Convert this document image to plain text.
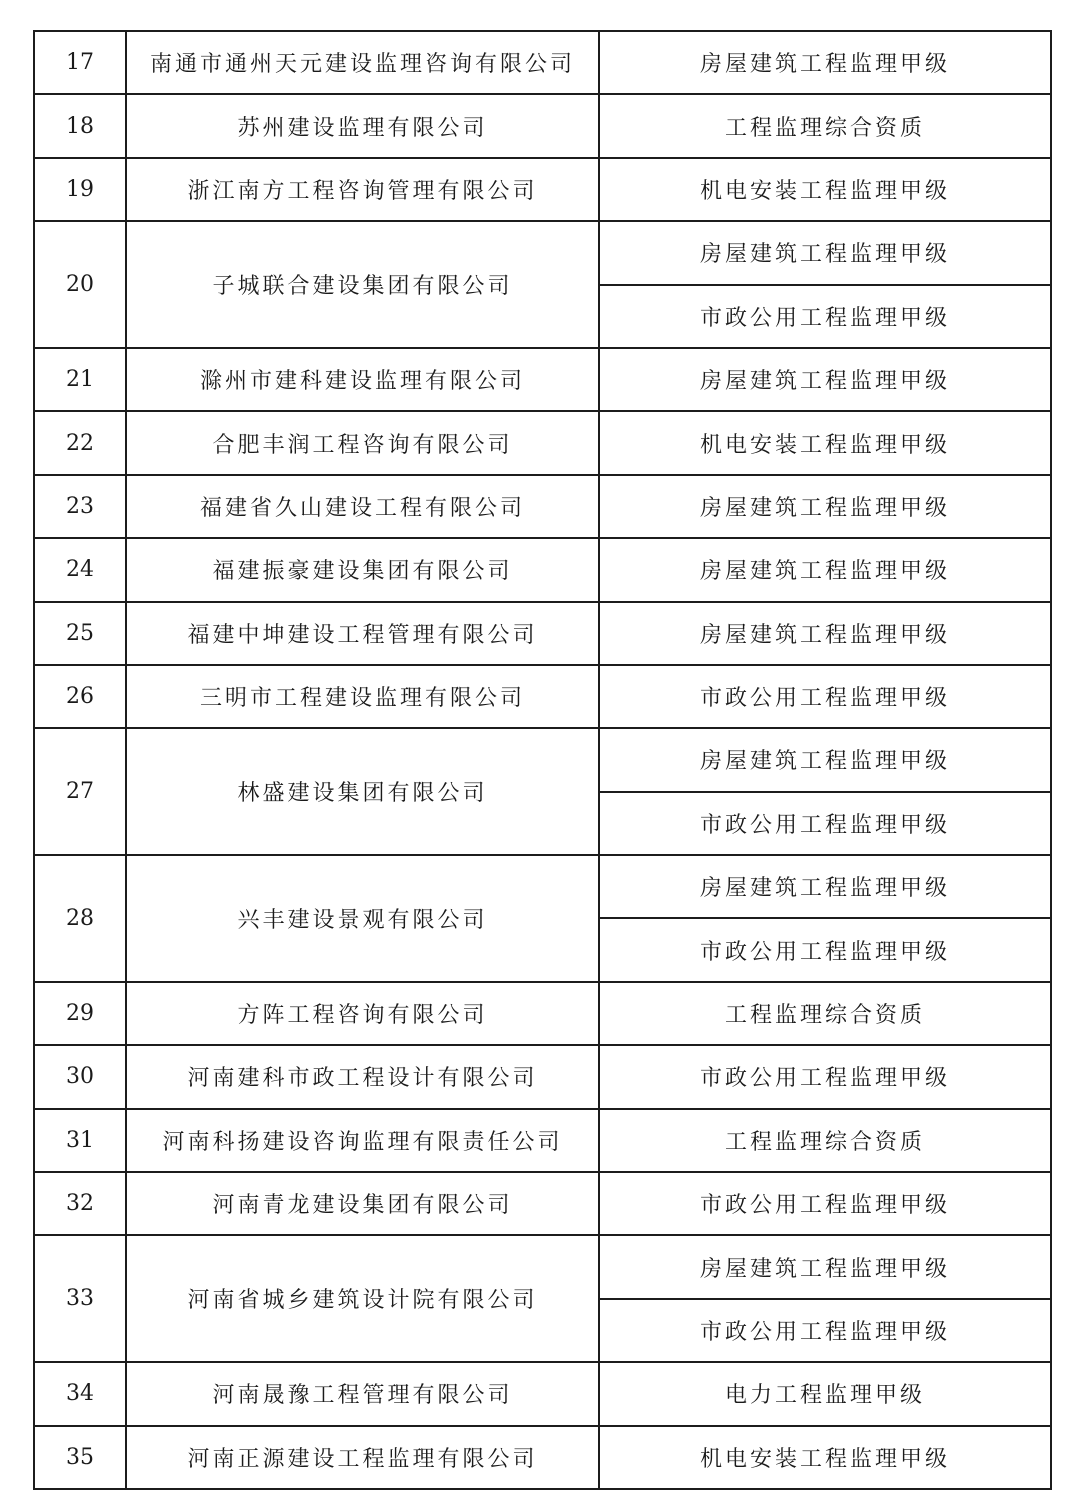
17	南通市通州天元建设监理咨询有限公司	房屋建筑工程监理甲级
18	苏州建设监理有限公司	工程监理综合资质
19	浙江南方工程咨询管理有限公司	机电安装工程监理甲级
20	子城联合建设集团有限公司	房屋建筑工程监理甲级
		市政公用工程监理甲级
21	滁州市建科建设监理有限公司	房屋建筑工程监理甲级
22	合肥丰润工程咨询有限公司	机电安装工程监理甲级
23	福建省久山建设工程有限公司	房屋建筑工程监理甲级
24	福建振豪建设集团有限公司	房屋建筑工程监理甲级
25	福建中坤建设工程管理有限公司	房屋建筑工程监理甲级
26	三明市工程建设监理有限公司	市政公用工程监理甲级
27	林盛建设集团有限公司	房屋建筑工程监理甲级
		市政公用工程监理甲级
28	兴丰建设景观有限公司	房屋建筑工程监理甲级
		市政公用工程监理甲级
29	方阵工程咨询有限公司	工程监理综合资质
30	河南建科市政工程设计有限公司	市政公用工程监理甲级
31	河南科扬建设咨询监理有限责任公司	工程监理综合资质
32	河南青龙建设集团有限公司	市政公用工程监理甲级
33	河南省城乡建筑设计院有限公司	房屋建筑工程监理甲级
		市政公用工程监理甲级
34	河南晟豫工程管理有限公司	电力工程监理甲级
35	河南正源建设工程监理有限公司	机电安装工程监理甲级
